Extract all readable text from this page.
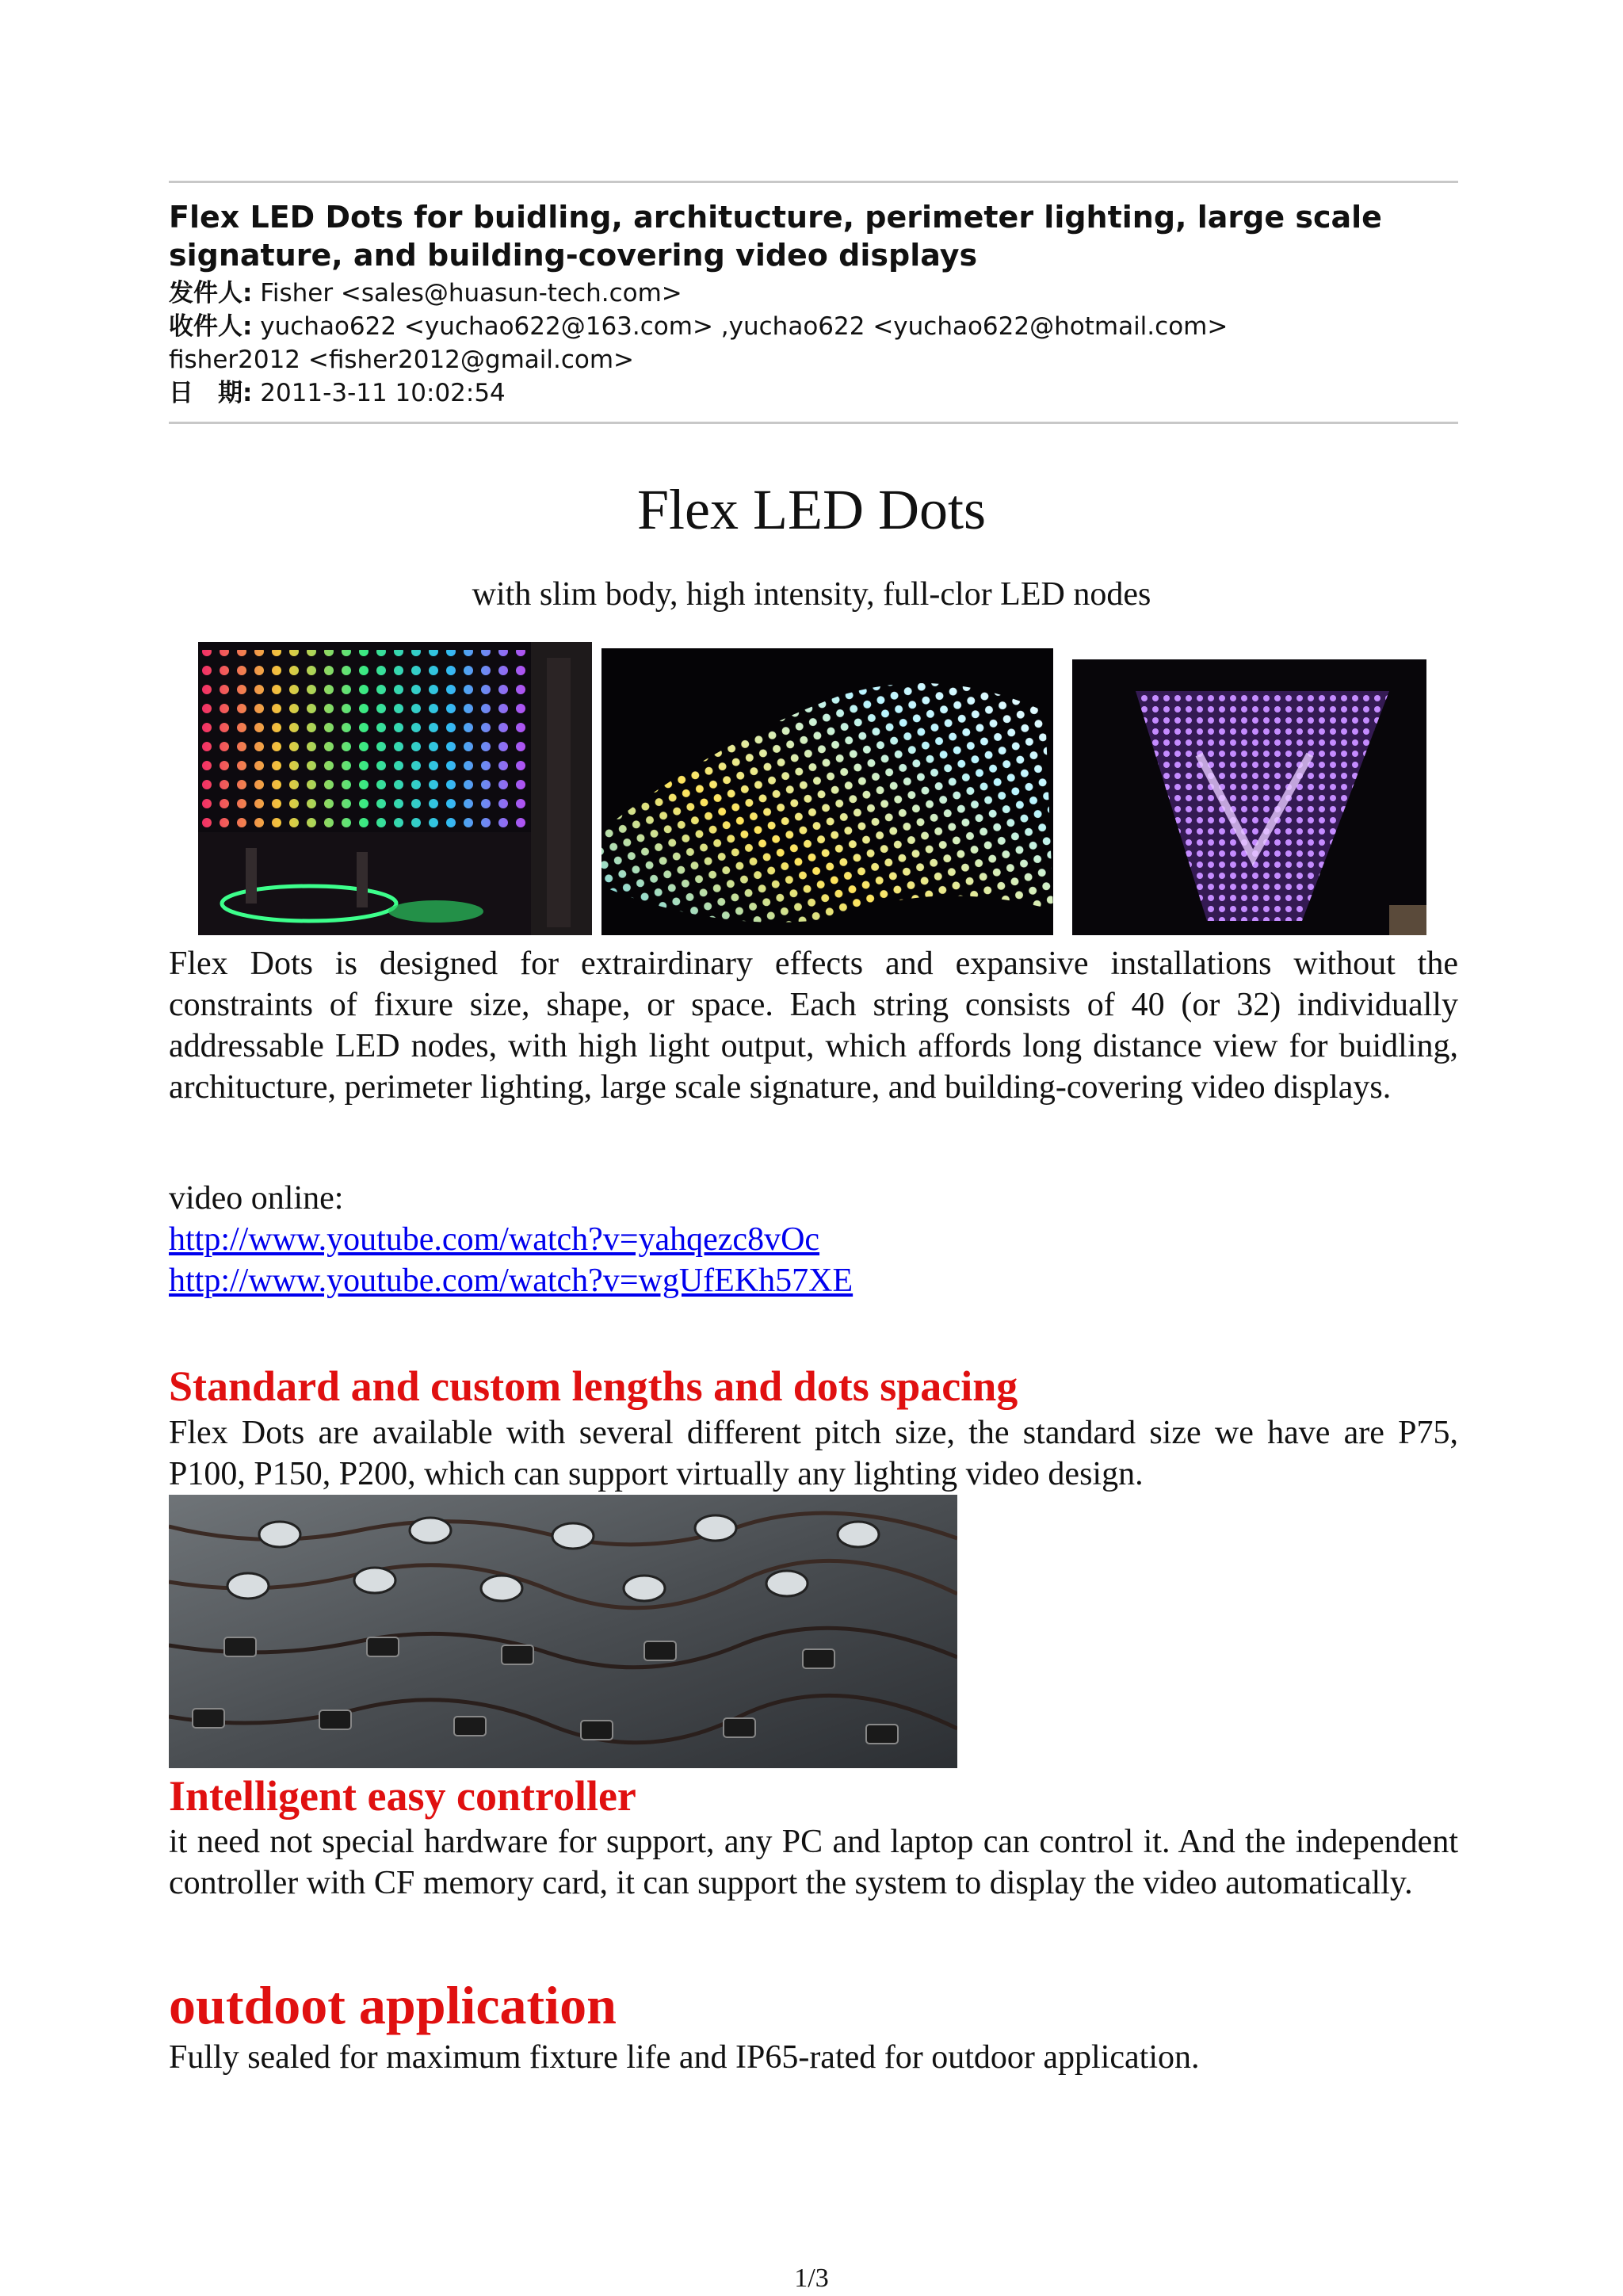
Flex LED Dots for buidling, architucture, perimeter lighting, large scale signature, and building-covering video displays
发件人: Fisher <sales@huasun-tech.com>
收件人: yuchao622 <yuchao622@163.com> ,yuchao622 <yuchao622@hotmail.com>
fisher2012 <fisher2012@gmail.com>
日　期: 2011-3-11 10:02:54
Flex LED Dots
with slim body, high intensity, full-clor LED nodes
Flex Dots is designed for extrairdinary effects and expansive installations without the constraints of fixure size, shape, or space. Each string consists of 40 (or 32) individually addressable LED nodes, with high light output, which affords long distance view for buidling, architucture, perimeter lighting, large scale signature, and building-covering video displays.
video online:
http://www.youtube.com/watch?v=yahqezc8vOc
http://www.youtube.com/watch?v=wgUfEKh57XE
Standard and custom lengths and dots spacing
Flex Dots are available with several different pitch size, the standard size we have are P75, P100, P150, P200, which can support virtually any lighting video design.
Intelligent easy controller
it need not special hardware for support, any PC and laptop can control it. And the independent controller with CF memory card, it can support the system to display the video automatically.
outdoot application
Fully sealed for maximum fixture life and IP65-rated for outdoor application.
1/3
